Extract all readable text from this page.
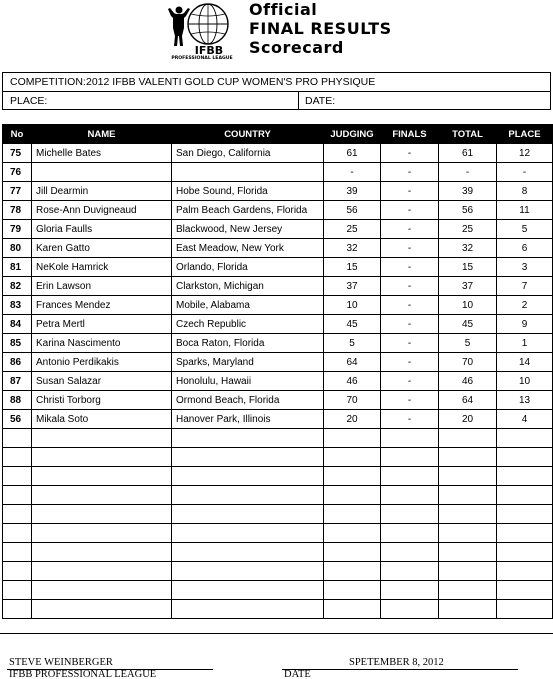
IFBB
PROFESSIONAL LEAGUE
Official
FINAL RESULTS
Scorecard
COMPETITION: 2012 IFBB VALENTI GOLD CUP WOMEN'S PRO PHYSIQUE
PLACE:	DATE:
No	NAME	COUNTRY	JUDGING	FINALS	TOTAL	PLACE
75	Michelle Bates	San Diego, California	61	-	61	12
76			-	-	-	-
77	Jill Dearmin	Hobe Sound, Florida	39	-	39	8
78	Rose-Ann Duvigneaud	Palm Beach Gardens, Florida	56	-	56	11
79	Gloria Faulls	Blackwood, New Jersey	25	-	25	5
80	Karen Gatto	East Meadow, New York	32	-	32	6
81	NeKole Hamrick	Orlando, Florida	15	-	15	3
82	Erin Lawson	Clarkston, Michigan	37	-	37	7
83	Frances Mendez	Mobile, Alabama	10	-	10	2
84	Petra Mertl	Czech Republic	45	-	45	9
85	Karina Nascimento	Boca Raton, Florida	5	-	5	1
86	Antonio Perdikakis	Sparks, Maryland	64	-	70	14
87	Susan Salazar	Honolulu, Hawaii	46	-	46	10
88	Christi Torborg	Ormond Beach, Florida	70	-	64	13
56	Mikala Soto	Hanover Park, Illinois	20	-	20	4

STEVE WEINBERGER
IFBB PROFESSIONAL LEAGUE
SPETEMBER 8, 2012
DATE
